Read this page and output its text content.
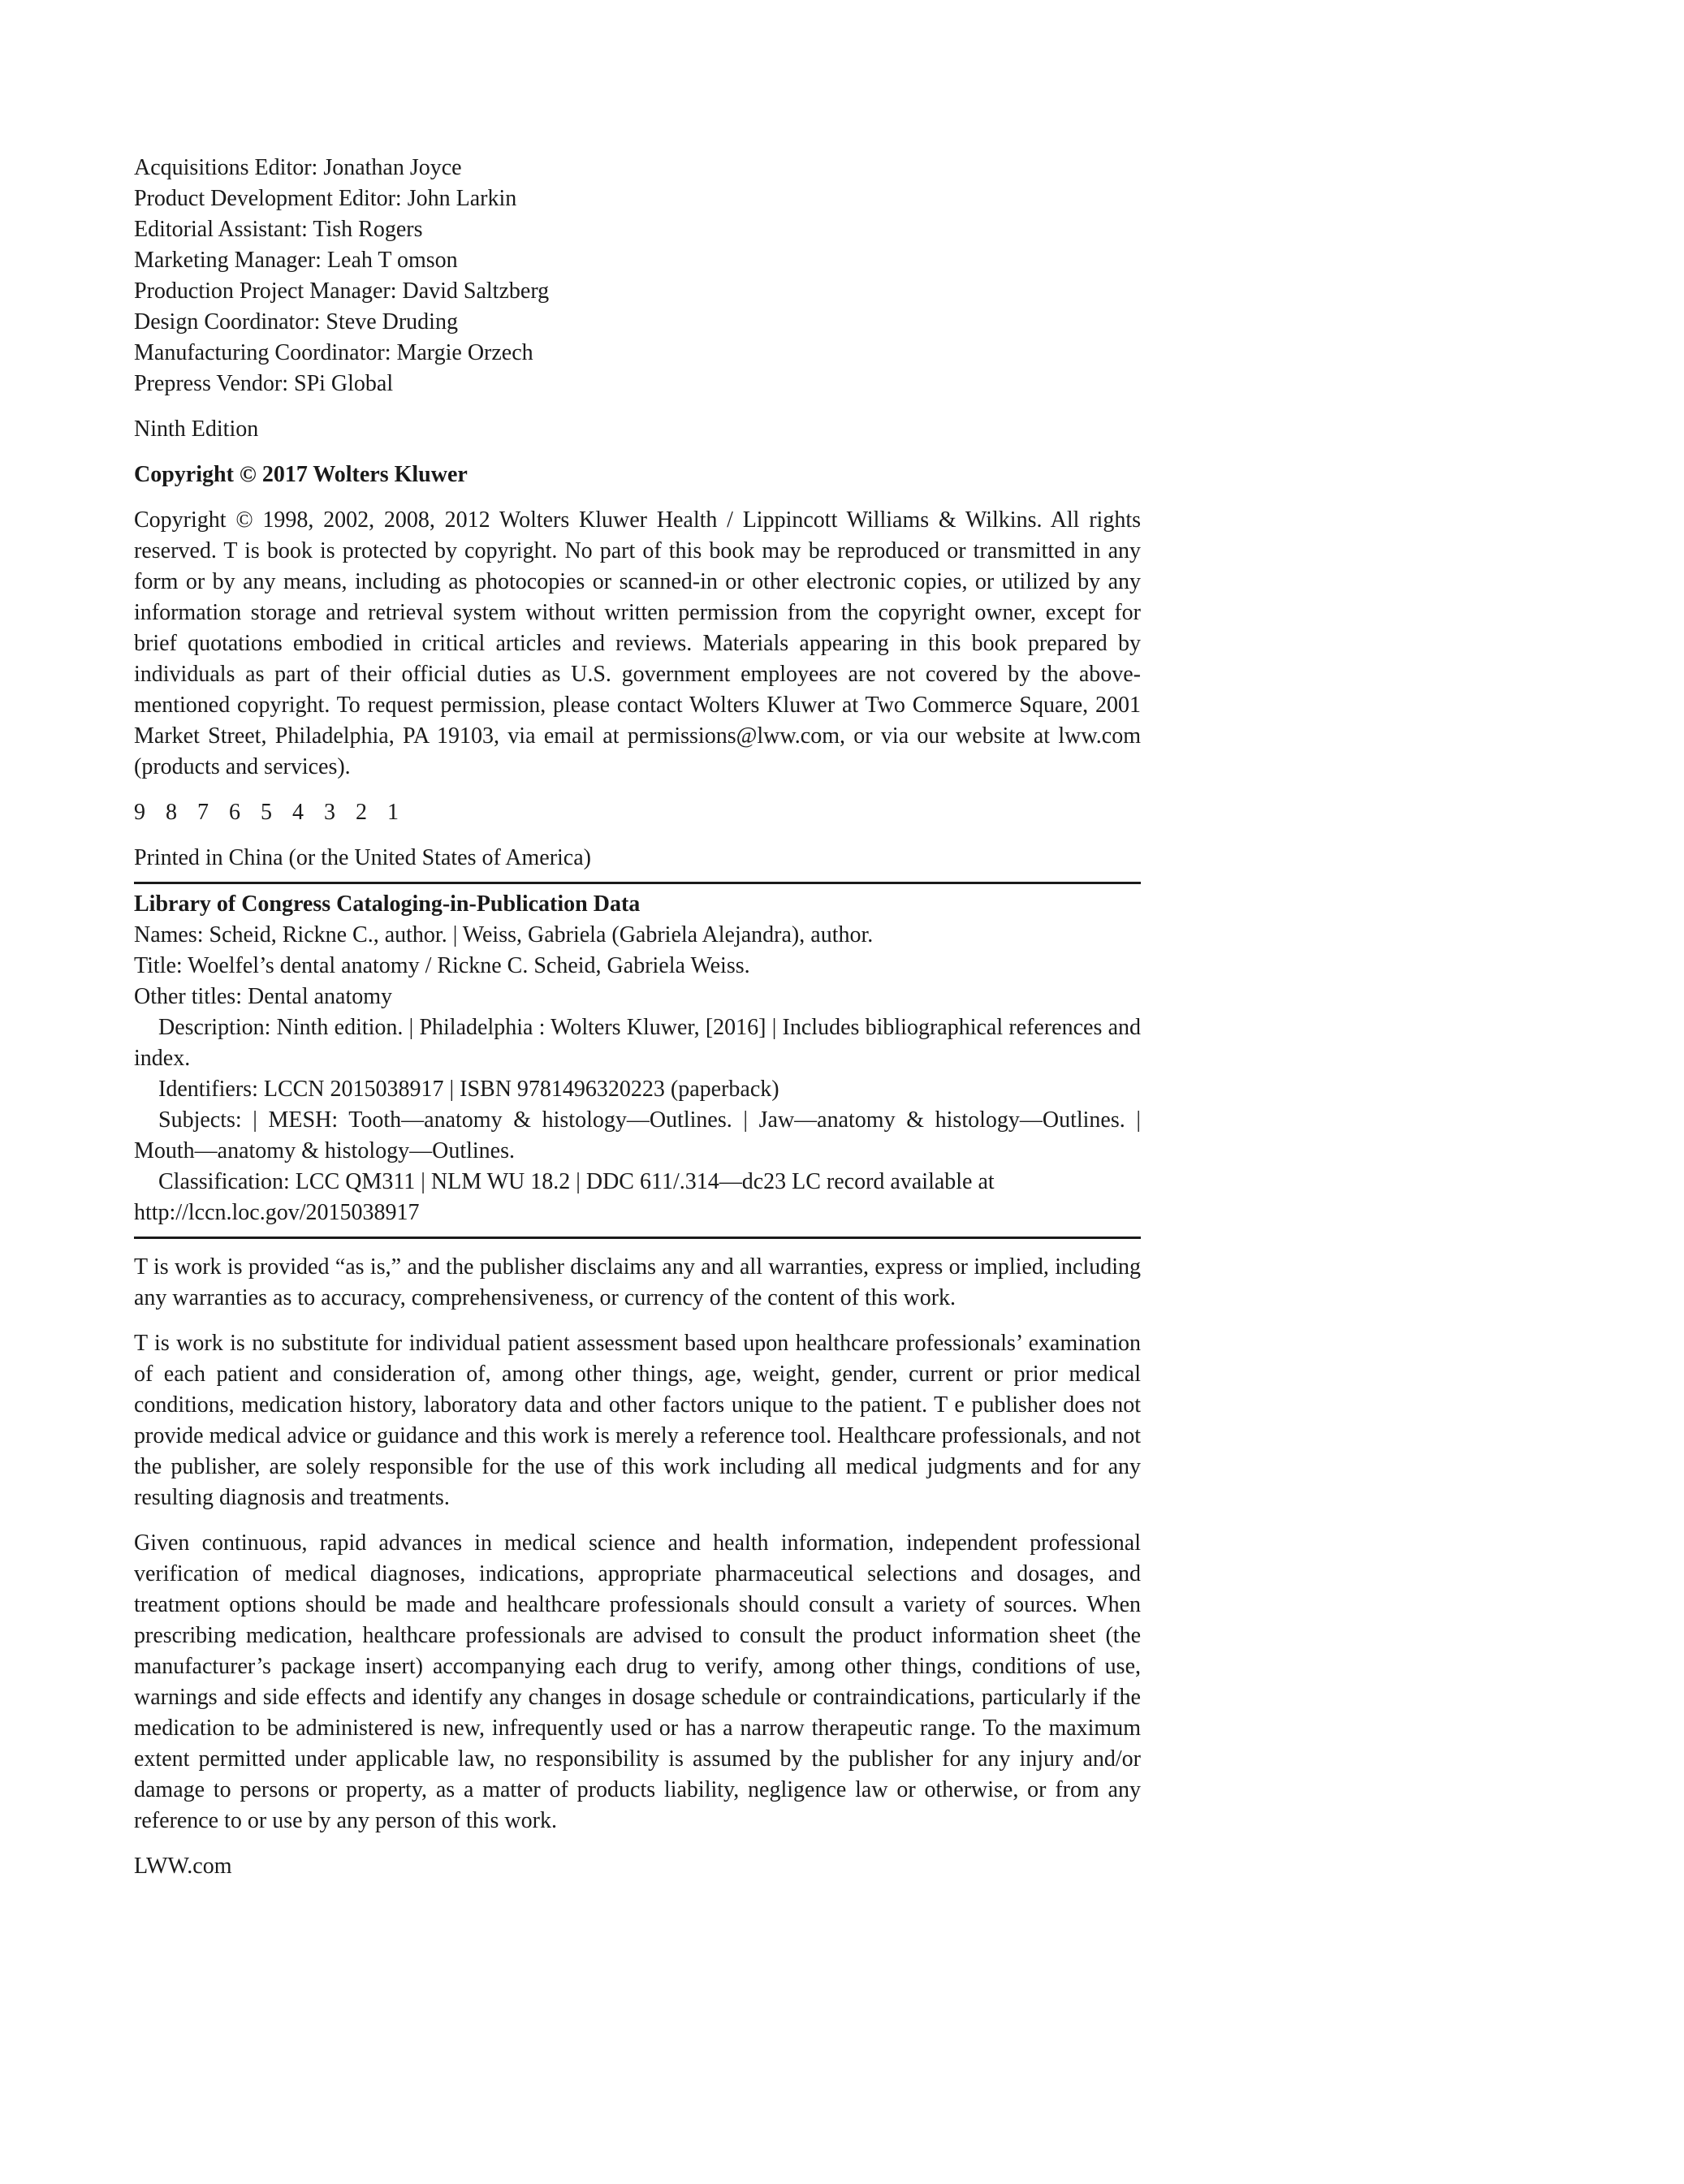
Acquisitions Editor: Jonathan Joyce
Product Development Editor: John Larkin
Editorial Assistant: Tish Rogers
Marketing Manager: Leah T omson
Production Project Manager: David Saltzberg
Design Coordinator: Steve Druding
Manufacturing Coordinator: Margie Orzech
Prepress Vendor: SPi Global
Ninth Edition
Copyright © 2017 Wolters Kluwer
Copyright © 1998, 2002, 2008, 2012 Wolters Kluwer Health / Lippincott Williams & Wilkins. All rights reserved. T is book is protected by copyright. No part of this book may be reproduced or transmitted in any form or by any means, including as photocopies or scanned-in or other electronic copies, or utilized by any information storage and retrieval system without written permission from the copyright owner, except for brief quotations embodied in critical articles and reviews. Materials appearing in this book prepared by individuals as part of their official duties as U.S. government employees are not covered by the above-mentioned copyright. To request permission, please contact Wolters Kluwer at Two Commerce Square, 2001 Market Street, Philadelphia, PA 19103, via email at permissions@lww.com, or via our website at lww.com (products and services).
9 8 7 6 5 4 3 2 1
Printed in China (or the United States of America)
Library of Congress Cataloging-in-Publication Data
Names: Scheid, Rickne C., author. | Weiss, Gabriela (Gabriela Alejandra), author.
Title: Woelfel’s dental anatomy / Rickne C. Scheid, Gabriela Weiss.
Other titles: Dental anatomy
Description: Ninth edition. | Philadelphia : Wolters Kluwer, [2016] | Includes bibliographical references and index.
Identifiers: LCCN 2015038917 | ISBN 9781496320223 (paperback)
Subjects: | MESH: Tooth—anatomy & histology—Outlines. | Jaw—anatomy & histology—Outlines. | Mouth—anatomy & histology—Outlines.
Classification: LCC QM311 | NLM WU 18.2 | DDC 611/.314—dc23 LC record available at http://lccn.loc.gov/2015038917
T is work is provided “as is,” and the publisher disclaims any and all warranties, express or implied, including any warranties as to accuracy, comprehensiveness, or currency of the content of this work.
T is work is no substitute for individual patient assessment based upon healthcare professionals’ examination of each patient and consideration of, among other things, age, weight, gender, current or prior medical conditions, medication history, laboratory data and other factors unique to the patient. T e publisher does not provide medical advice or guidance and this work is merely a reference tool. Healthcare professionals, and not the publisher, are solely responsible for the use of this work including all medical judgments and for any resulting diagnosis and treatments.
Given continuous, rapid advances in medical science and health information, independent professional verification of medical diagnoses, indications, appropriate pharmaceutical selections and dosages, and treatment options should be made and healthcare professionals should consult a variety of sources. When prescribing medication, healthcare professionals are advised to consult the product information sheet (the manufacturer’s package insert) accompanying each drug to verify, among other things, conditions of use, warnings and side effects and identify any changes in dosage schedule or contraindications, particularly if the medication to be administered is new, infrequently used or has a narrow therapeutic range. To the maximum extent permitted under applicable law, no responsibility is assumed by the publisher for any injury and/or damage to persons or property, as a matter of products liability, negligence law or otherwise, or from any reference to or use by any person of this work.
LWW.com
